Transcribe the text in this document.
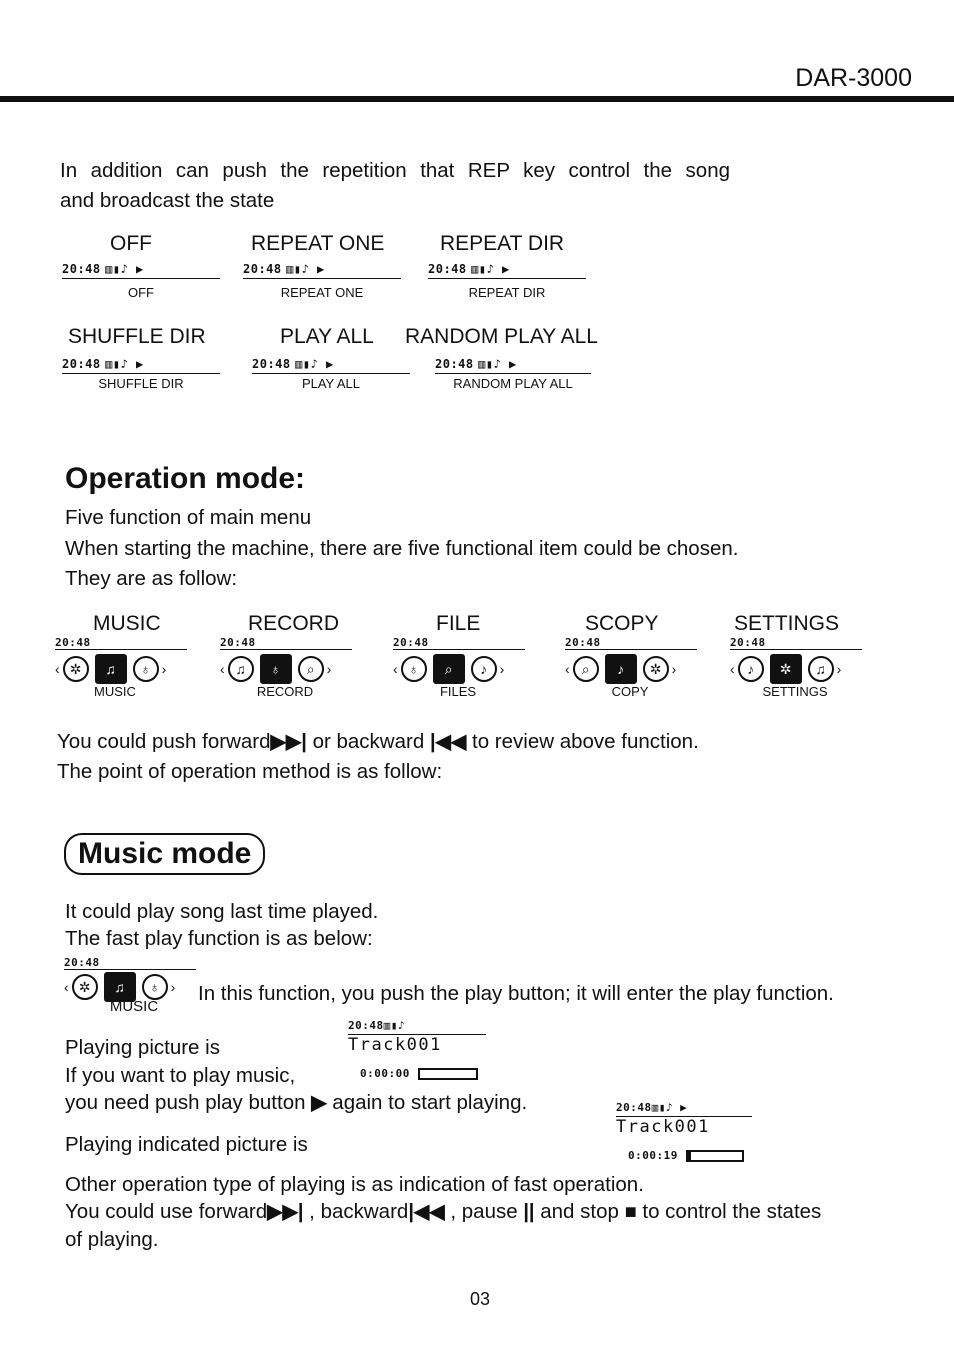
DAR-3000
In addition can push the repetition that REP key control the song
and broadcast the state
OFF
20:48 ▥▮♪ ▶
OFF
REPEAT ONE
20:48 ▥▮♪ ▶
REPEAT ONE
REPEAT DIR
20:48 ▥▮♪ ▶
REPEAT DIR
SHUFFLE DIR
20:48 ▥▮♪ ▶
SHUFFLE DIR
PLAY ALL
20:48 ▥▮♪ ▶
PLAY ALL
RANDOM PLAY ALL
20:48 ▥▮♪ ▶
RANDOM PLAY ALL
Operation mode:
Five function of main menu
When starting the machine, there are five functional item could be chosen.
They are as follow:
MUSIC
20:48
‹ ✲ ♫ ♁ ›
MUSIC
RECORD
20:48
‹ ♫ ♁ ⌕ ›
RECORD
FILE
20:48
‹ ♁ ⌕ ♪ ›
FILES
SCOPY
20:48
‹ ⌕ ♪ ✲ ›
COPY
SETTINGS
20:48
‹ ♪ ✲ ♫ ›
SETTINGS
You could push forward▶▶| or backward |◀◀ to review above function.
The point of operation method is as follow:
Music mode
It could play song last time played.
The fast play function is as below:
20:48
‹ ✲ ♫ ♁ ›
MUSIC
In this function, you push the play button; it will enter the play function.
Playing picture is
If you want to play music,
you need push play button ▶ again to start playing.
20:48▥▮♪
Track001
0:00:00
Playing indicated picture is
20:48▥▮♪ ▶
Track001
0:00:19
Other operation type of playing is as indication of fast operation.
You could use forward▶▶| , backward|◀◀ , pause || and stop ■ to control the states
of playing.
03
